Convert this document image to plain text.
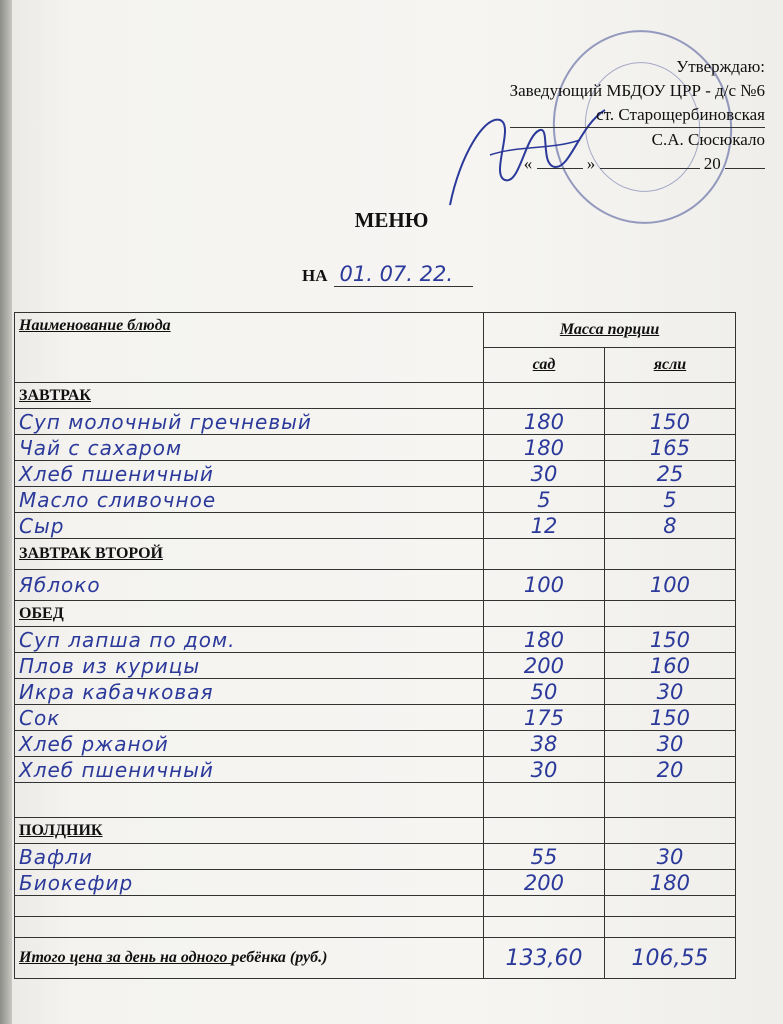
Утверждаю:
Заведующий МБДОУ ЦРР - д/с №6
ст. Старощербиновская
С.А. Сюсюкало
«	»	20
МЕНЮ
НА 01. 07. 22.
Наименование блюда	Масса порции	
	сад	ясли
ЗАВТРАК		
Суп молочный гречневый	180	150
Чай с сахаром	180	165
Хлеб пшеничный	30	25
Масло сливочное	5	5
Сыр	12	8
ЗАВТРАК ВТОРОЙ		
Яблоко	100	100
ОБЕД		
Суп лапша по дом.	180	150
Плов из курицы	200	160
Икра кабачковая	50	30
Сок	175	150
Хлеб ржаной	38	30
Хлеб пшеничный	30	20

ПОЛДНИК		
Вафли	55	30
Биокефир	200	180

Итого цена за день на одного ребёнка (руб.)	133,60	106,55
